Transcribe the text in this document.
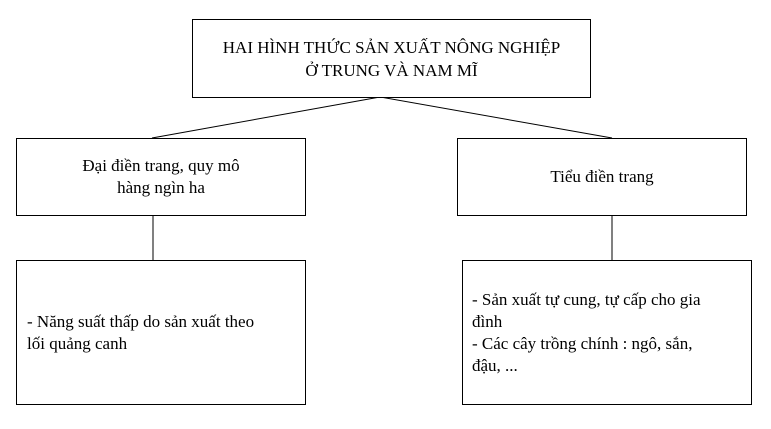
HAI HÌNH THỨC SẢN XUẤT NÔNG NGHIỆP
Ở TRUNG VÀ NAM MĨ
Đại điền trang, quy mô
hàng ngìn ha
Tiểu điền trang
- Năng suất thấp do sản xuất theo
lối quảng canh
- Sản xuất tự cung, tự cấp cho gia
đình
- Các cây trồng chính : ngô, sắn,
đậu, ...
